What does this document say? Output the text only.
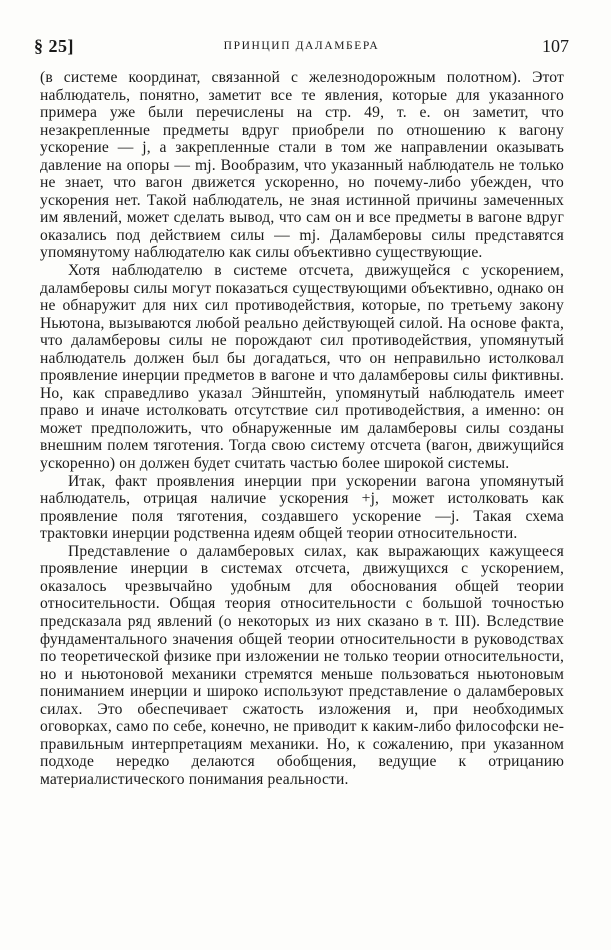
§ 25]	ПРИНЦИП ДАЛАМБЕРА	107

(в системе координат, связанной с железнодорожным полотном). Этот наблюдатель, понятно, заметит все те явления, которые для указанного примера уже были перечислены на стр. 49, т. е. он заметит, что незакрепленные предметы вдруг приобрели по отношению к вагону ускорение — j, а закрепленные стали в том же направлении оказывать давление на опоры — mj. Вообразим, что указанный наблюдатель не только не знает, что вагон движется ускоренно, но почему-либо убежден, что ускорения нет. Такой наблюдатель, не зная истинной причины замеченных им явлений, может сделать вывод, что сам он и все предметы в вагоне вдруг оказались под действием силы — mj. Даламберовы силы представятся упомянутому наблюдателю как силы объективно существующие.

Хотя наблюдателю в системе отсчета, движущейся с ускорением, даламберовы силы могут показаться существующими объективно, однако он не обнаружит для них сил противодействия, которые, по третьему закону Ньютона, вызываются любой реально действующей силой. На основе факта, что даламберовы силы не порождают сил противодействия, упомянутый наблюдатель должен был бы догадаться, что он неправильно истолковал проявление инерции предметов в вагоне и что даламберовы силы фиктивны. Но, как справедливо указал Эйнштейн, упомянутый наблюдатель имеет право и иначе истолковать отсутствие сил противодействия, а именно: он может предположить, что обнаруженные им даламберовы силы созданы внешним полем тяготения. Тогда свою систему отсчета (вагон, движущийся ускоренно) он должен будет считать частью более широкой системы.

Итак, факт проявления инерции при ускорении вагона упомянутый наблюдатель, отрицая наличие ускорения +j, может истолковать как проявление поля тяготения, создавшего ускорение —j. Такая схема трактовки инерции родственна идеям общей теории относительности.

Представление о даламберовых силах, как выражающих кажущееся проявление инерции в системах отсчета, движущихся с ускорением, оказалось чрезвычайно удобным для обоснования общей теории относительности. Общая теория относительности с большой точностью предсказала ряд явлений (о некоторых из них сказано в т. III). Вследствие фундаментального значения общей теории относительности в руководствах по теоретической физике при изложении не только теории относительности, но и ньютоновой механики стремятся меньше пользоваться ньютоновым пониманием инерции и широко используют представление о даламберовых силах. Это обеспечивает сжатость изложения и, при необходимых оговорках, само по себе, конечно, не приводит к каким-либо философски неправильным интерпретациям механики. Но, к сожалению, при указанном подходе нередко делаются обобщения, ведущие к отрицанию материалистического понимания реальности.
